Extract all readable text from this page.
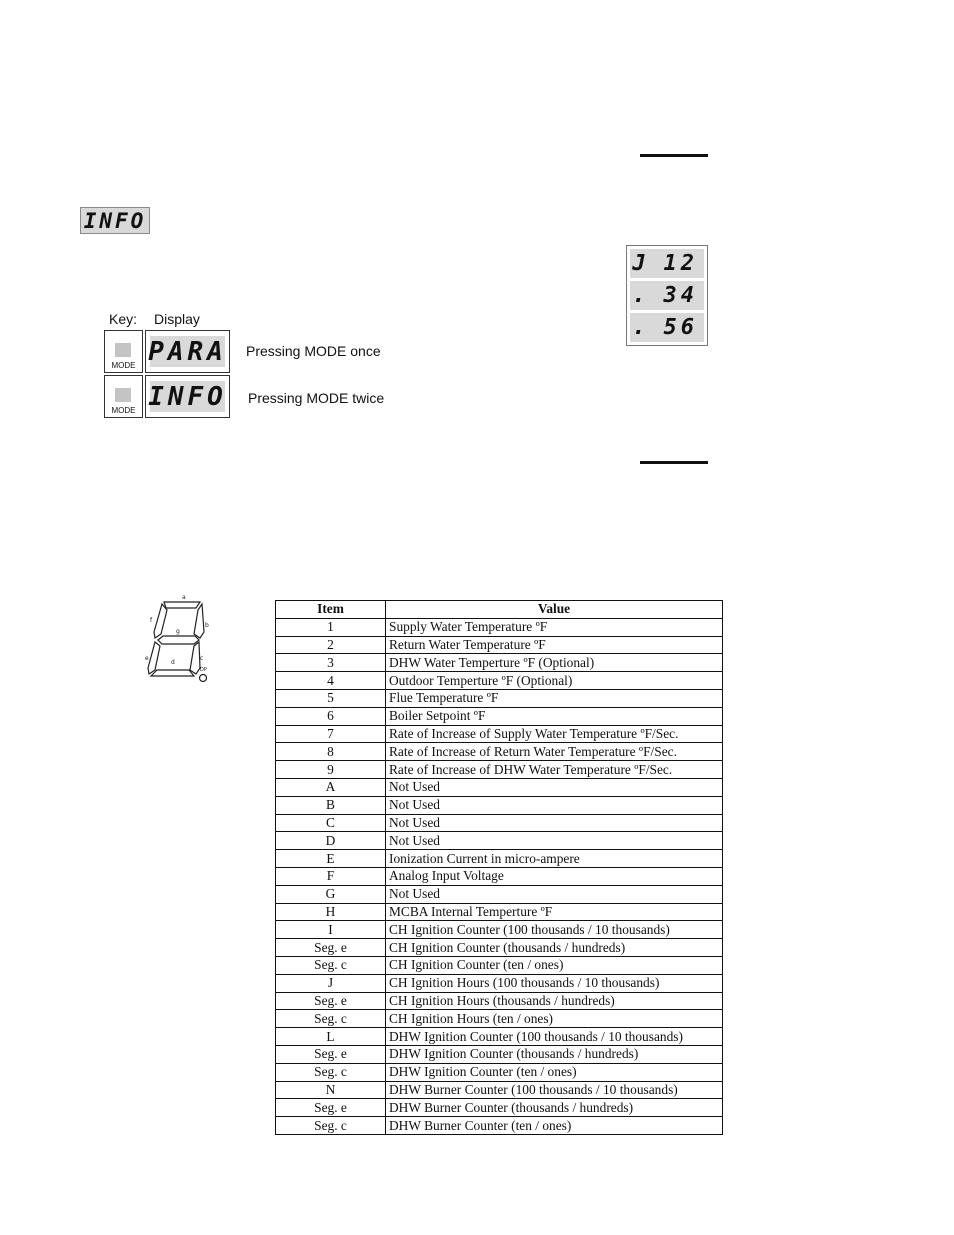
INFO
Key: Display
MODE PARA Pressing MODE once
MODE INFO Pressing MODE twice
J 12
. 34
. 56
a
f
g
b
e
d
c
DP
Item	Value
1	Supply Water Temperature ºF
2	Return Water Temperature ºF
3	DHW Water Temperture ºF (Optional)
4	Outdoor Temperture ºF (Optional)
5	Flue Temperature ºF
6	Boiler Setpoint ºF
7	Rate of Increase of Supply Water Temperature ºF/Sec.
8	Rate of Increase of Return Water Temperature ºF/Sec.
9	Rate of Increase of DHW Water Temperature ºF/Sec.
A	Not Used
B	Not Used
C	Not Used
D	Not Used
E	Ionization Current in micro-ampere
F	Analog Input Voltage
G	Not Used
H	MCBA Internal Temperture ºF
I	CH Ignition Counter (100 thousands / 10 thousands)
Seg. e	CH Ignition Counter (thousands / hundreds)
Seg. c	CH Ignition Counter (ten / ones)
J	CH Ignition Hours (100 thousands / 10 thousands)
Seg. e	CH Ignition Hours (thousands / hundreds)
Seg. c	CH Ignition Hours (ten / ones)
L	DHW Ignition Counter (100 thousands / 10 thousands)
Seg. e	DHW Ignition Counter (thousands / hundreds)
Seg. c	DHW Ignition Counter (ten / ones)
N	DHW Burner Counter (100 thousands / 10 thousands)
Seg. e	DHW Burner Counter (thousands / hundreds)
Seg. c	DHW Burner Counter (ten / ones)
